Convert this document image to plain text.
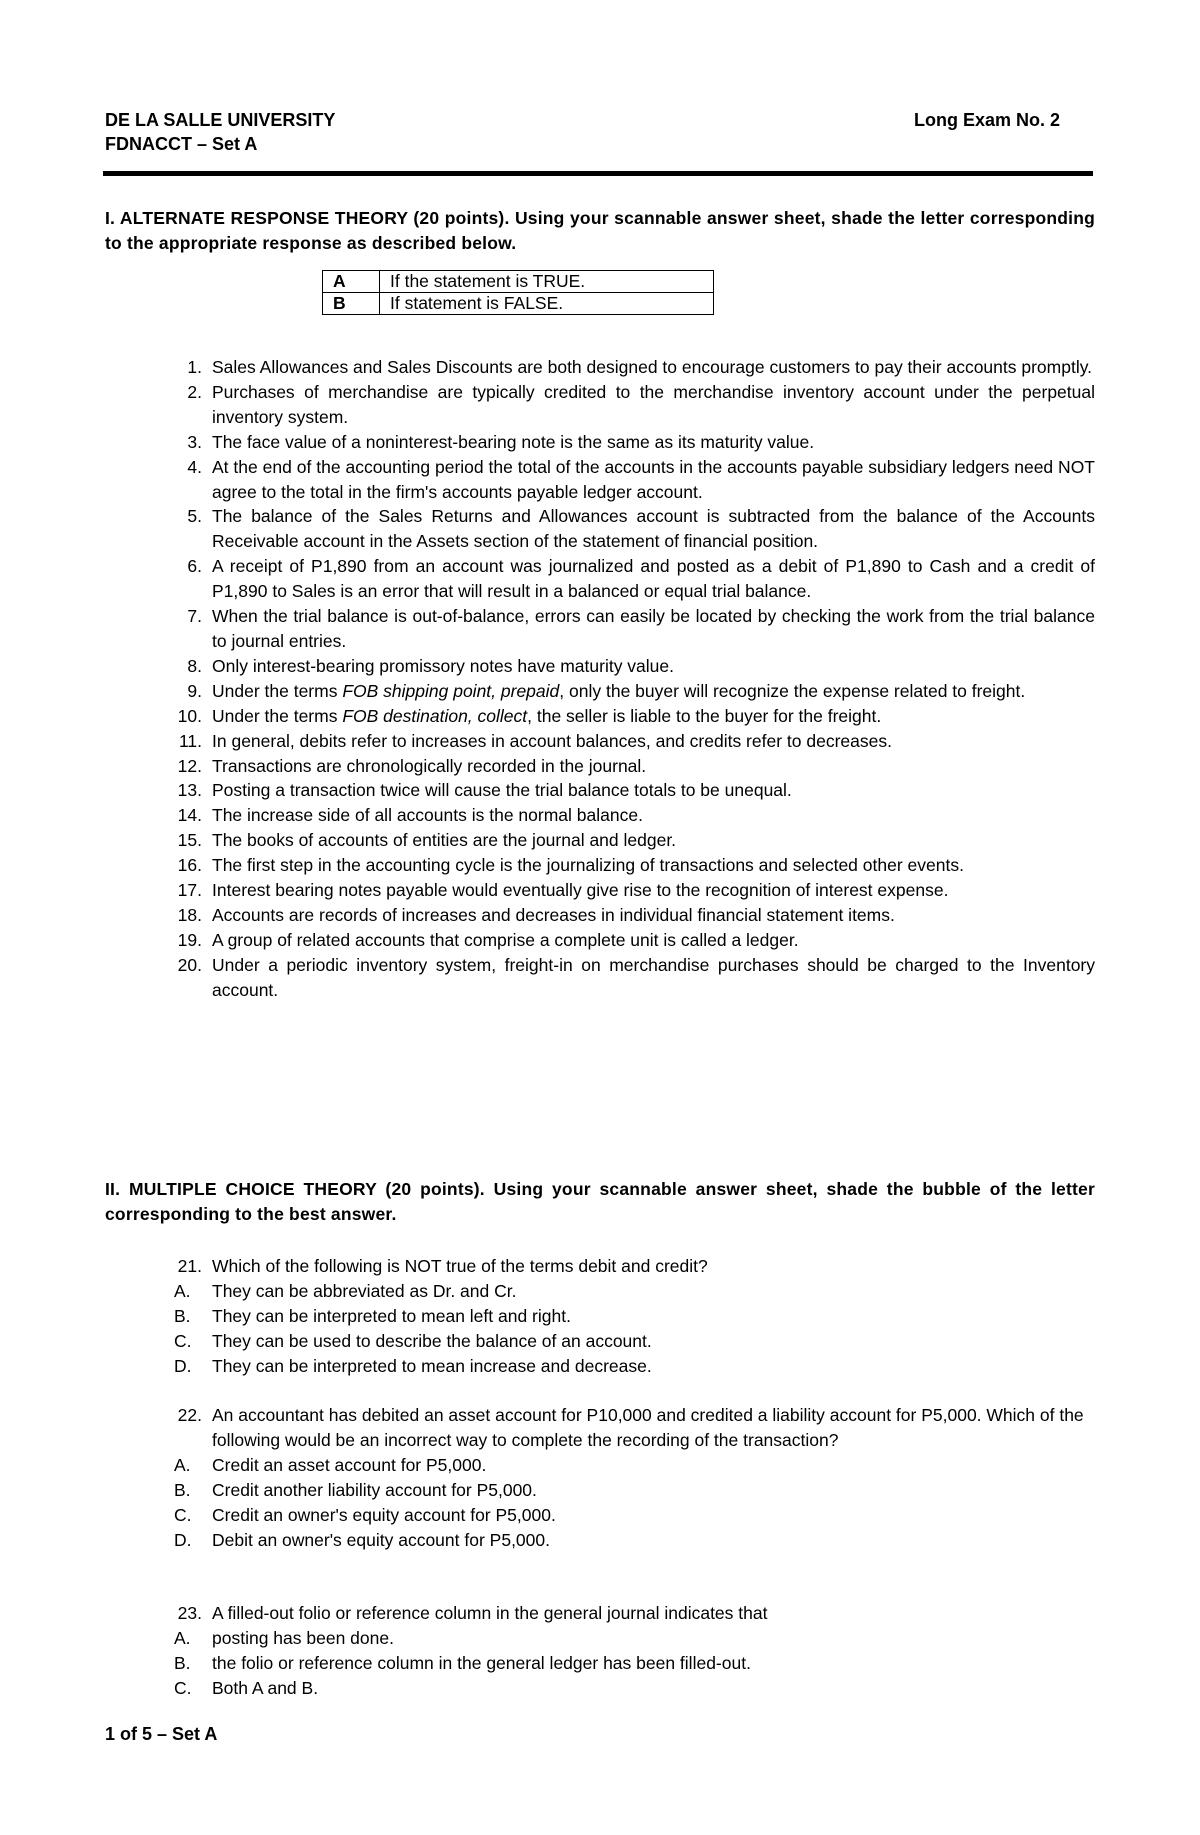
DE LA SALLE UNIVERSITY
FDNACCT – Set A
Long Exam No. 2
I. ALTERNATE RESPONSE THEORY (20 points). Using your scannable answer sheet, shade the letter corresponding to the appropriate response as described below.
A	If the statement is TRUE.
B	If statement is FALSE.
1. Sales Allowances and Sales Discounts are both designed to encourage customers to pay their accounts promptly.
2. Purchases of merchandise are typically credited to the merchandise inventory account under the perpetual inventory system.
3. The face value of a noninterest-bearing note is the same as its maturity value.
4. At the end of the accounting period the total of the accounts in the accounts payable subsidiary ledgers need NOT agree to the total in the firm's accounts payable ledger account.
5. The balance of the Sales Returns and Allowances account is subtracted from the balance of the Accounts Receivable account in the Assets section of the statement of financial position.
6. A receipt of P1,890 from an account was journalized and posted as a debit of P1,890 to Cash and a credit of P1,890 to Sales is an error that will result in a balanced or equal trial balance.
7. When the trial balance is out-of-balance, errors can easily be located by checking the work from the trial balance to journal entries.
8. Only interest-bearing promissory notes have maturity value.
9. Under the terms FOB shipping point, prepaid, only the buyer will recognize the expense related to freight.
10. Under the terms FOB destination, collect, the seller is liable to the buyer for the freight.
11. In general, debits refer to increases in account balances, and credits refer to decreases.
12. Transactions are chronologically recorded in the journal.
13. Posting a transaction twice will cause the trial balance totals to be unequal.
14. The increase side of all accounts is the normal balance.
15. The books of accounts of entities are the journal and ledger.
16. The first step in the accounting cycle is the journalizing of transactions and selected other events.
17. Interest bearing notes payable would eventually give rise to the recognition of interest expense.
18. Accounts are records of increases and decreases in individual financial statement items.
19. A group of related accounts that comprise a complete unit is called a ledger.
20. Under a periodic inventory system, freight-in on merchandise purchases should be charged to the Inventory account.
II. MULTIPLE CHOICE THEORY (20 points). Using your scannable answer sheet, shade the bubble of the letter corresponding to the best answer.
21. Which of the following is NOT true of the terms debit and credit?
A. They can be abbreviated as Dr. and Cr.
B. They can be interpreted to mean left and right.
C. They can be used to describe the balance of an account.
D. They can be interpreted to mean increase and decrease.
22. An accountant has debited an asset account for P10,000 and credited a liability account for P5,000. Which of the following would be an incorrect way to complete the recording of the transaction?
A. Credit an asset account for P5,000.
B. Credit another liability account for P5,000.
C. Credit an owner's equity account for P5,000.
D. Debit an owner's equity account for P5,000.
23. A filled-out folio or reference column in the general journal indicates that
A. posting has been done.
B. the folio or reference column in the general ledger has been filled-out.
C. Both A and B.
1 of 5 – Set A
